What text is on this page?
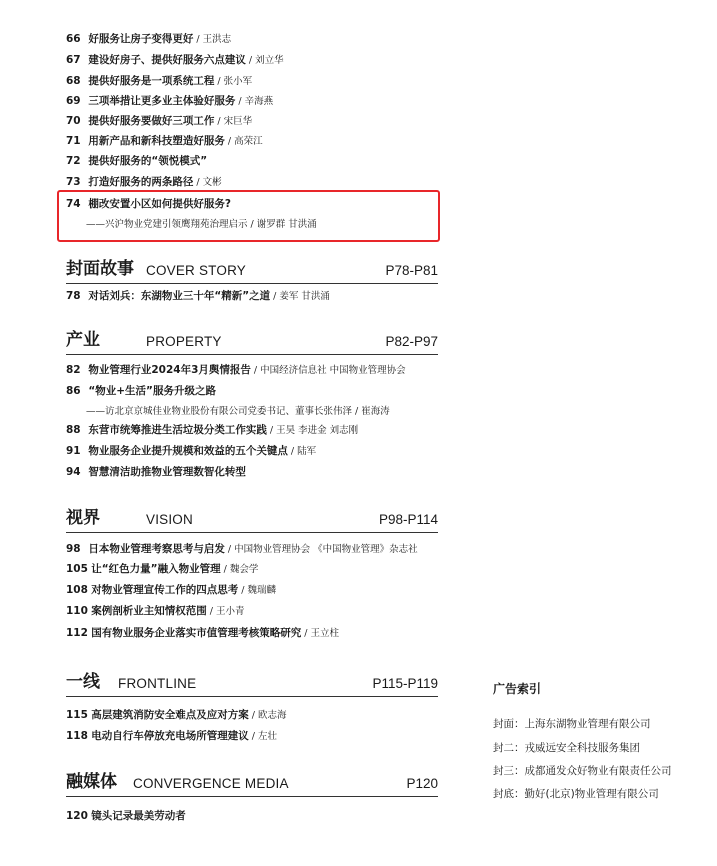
66 好服务让房子变得更好 / 王洪志
67 建设好房子、提供好服务六点建议 / 刘立华
68 提供好服务是一项系统工程 / 张小军
69 三项举措让更多业主体验好服务 / 辛海燕
70 提供好服务要做好三项工作 / 宋巨华
71 用新产品和新科技塑造好服务 / 高荣江
72 提供好服务的“领悦模式”
73 打造好服务的两条路径 / 文彬
74 棚改安置小区如何提供好服务?
——兴沪物业党建引领鹰翔苑治理启示 / 谢罗群 甘洪涌
封面故事 COVER STORY	P78-P81
78 对话刘兵：东湖物业三十年“精新”之道 / 姜军 甘洪涌
产业	PROPERTY	P82-P97
82 物业管理行业2024年3月舆情报告 / 中国经济信息社 中国物业管理协会
86 “物业+生活”服务升级之路
——访北京京城佳业物业股份有限公司党委书记、董事长张伟泽 / 崔海涛
88 东营市统筹推进生活垃圾分类工作实践 / 王昊 李进金 刘志刚
91 物业服务企业提升规模和效益的五个关键点 / 陆军
94 智慧清洁助推物业管理数智化转型
视界	VISION	P98-P114
98 日本物业管理考察思考与启发 / 中国物业管理协会 《中国物业管理》杂志社
105 让“红色力量”融入物业管理 / 魏会学
108 对物业管理宣传工作的四点思考 / 魏瑞麟
110 案例剖析业主知情权范围 / 王小青
112 国有物业服务企业落实市值管理考核策略研究 / 王立柱
一线 FRONTLINE	P115-P119
115 高层建筑消防安全难点及应对方案 / 欧志海
118 电动自行车停放充电场所管理建议 / 左壮
融媒体 CONVERGENCE MEDIA	P120
120 镜头记录最美劳动者
广告索引
封面：上海东湖物业管理有限公司
封二：戎威远安全科技服务集团
封三：成都通发众好物业有限责任公司
封底：勤好(北京)物业管理有限公司
